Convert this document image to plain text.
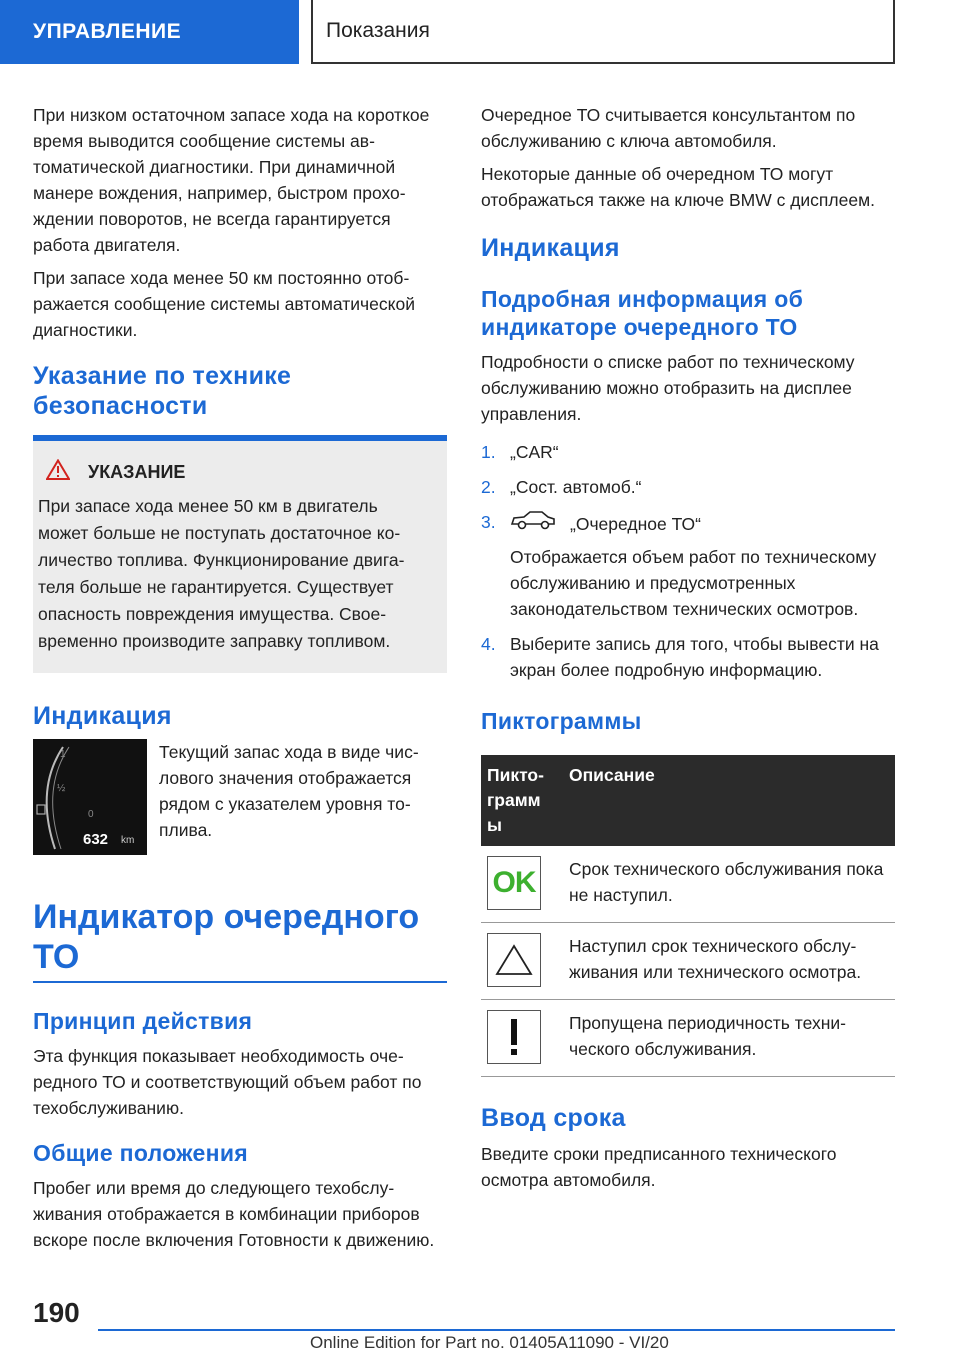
УПРАВЛЕНИЕ	Показания

При низком остаточном запасе хода на короткое время выводится сообщение системы автоматической диагностики. При динамичной манере вождения, например, быстром прохождении поворотов, не всегда гарантируется работа двигателя.

При запасе хода менее 50 км постоянно отображается сообщение системы автоматической диагностики.

Указание по технике безопасности
УКАЗАНИЕ

При запасе хода менее 50 км в двигатель может больше не поступать достаточное количество топлива. Функционирование двигателя больше не гарантируется. Существует опасность повреждения имущества. Своевременно производите заправку топливом.

Индикация
1
½
0
632 km

Текущий запас хода в виде числового значения отображается рядом с указателем уровня топлива.

Индикатор очередного ТО
Принцип действия

Эта функция показывает необходимость очередного ТО и соответствующий объем работ по техобслуживанию.

Общие положения

Пробег или время до следующего техобслуживания отображается в комбинации приборов вскоре после включения Готовности к движению.

Очередное ТО считывается консультантом по обслуживанию с ключа автомобиля.

Некоторые данные об очередном ТО могут отображаться также на ключе BMW с дисплеем.

Индикация
Подробная информация об индикаторе очередного ТО

Подробности о списке работ по техническому обслуживанию можно отобразить на дисплее управления.

1. „CAR“
2. „Сост. автомоб.“
3.	„Очередное ТО“
Отображается объем работ по техническому обслуживанию и предусмотренных законодательством технических осмотров.
4. Выберите запись для того, чтобы вывести на экран более подробную информацию.
Пиктограммы
Пиктограмм ы	Описание

OK	Срок технического обслуживания пока не наступил.

	Наступил срок технического обслуживания или технического осмотра.

	Пропущена периодичность технического обслуживания.
Ввод срока

Введите сроки предписанного технического осмотра автомобиля.

190
Online Edition for Part no. 01405A11090 - VI/20
